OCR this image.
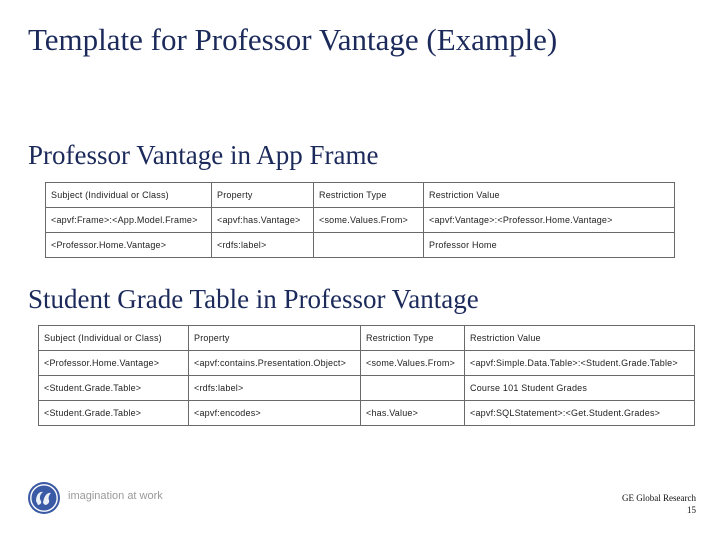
Template for Professor Vantage (Example)
Professor Vantage in App Frame
Subject (Individual or Class)	Property	Restriction Type	Restriction Value
<apvf:Frame>:<App.Model.Frame>	<apvf:has.Vantage>	<some.Values.From>	<apvf:Vantage>:<Professor.Home.Vantage>
<Professor.Home.Vantage>	<rdfs:label>		Professor Home
Student Grade Table in Professor Vantage
Subject (Individual or Class)	Property	Restriction Type	Restriction Value
<Professor.Home.Vantage>	<apvf:contains.Presentation.Object>	<some.Values.From>	<apvf:Simple.Data.Table>:<Student.Grade.Table>
<Student.Grade.Table>	<rdfs:label>		Course 101 Student Grades
<Student.Grade.Table>	<apvf:encodes>	<has.Value>	<apvf:SQLStatement>:<Get.Student.Grades>
imagination at work	GE Global Research
15
